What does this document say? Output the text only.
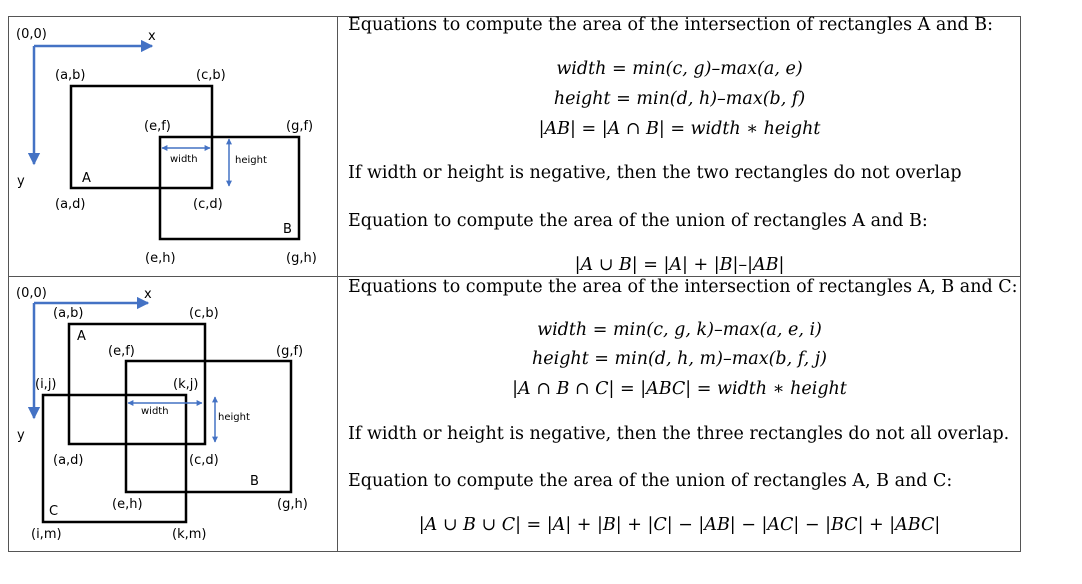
(0,0)	x
y
(a,b)	(c,b)
(e,f)	(g,f)
A
(a,d)	(c,d)
B
(e,h)	(g,h)
width	height
(0,0)	x
y
(a,b)	(c,b)
A
(e,f)	(g,f)
(i,j)	(k,j)
(a,d)	(c,d)
B
(e,h)	(g,h)
C
(i,m)	(k,m)
width
height
Equations to compute the area of the intersection of rectangles A and B:
width = min(c, g)–max(a, e)
height = min(d, h)–max(b, f)
|AB| = |A ∩ B| = width ∗ height
If width or height is negative, then the two rectangles do not overlap
Equation to compute the area of the union of rectangles A and B:
|A ∪ B| = |A| + |B|–|AB|
Equations to compute the area of the intersection of rectangles A, B and C:
width = min(c, g, k)–max(a, e, i)
height = min(d, h, m)–max(b, f, j)
|A ∩ B ∩ C| = |ABC| = width ∗ height
If width or height is negative, then the three rectangles do not all overlap.
Equation to compute the area of the union of rectangles A, B and C:
|A ∪ B ∪ C| = |A| + |B| + |C| − |AB| − |AC| − |BC| + |ABC|
